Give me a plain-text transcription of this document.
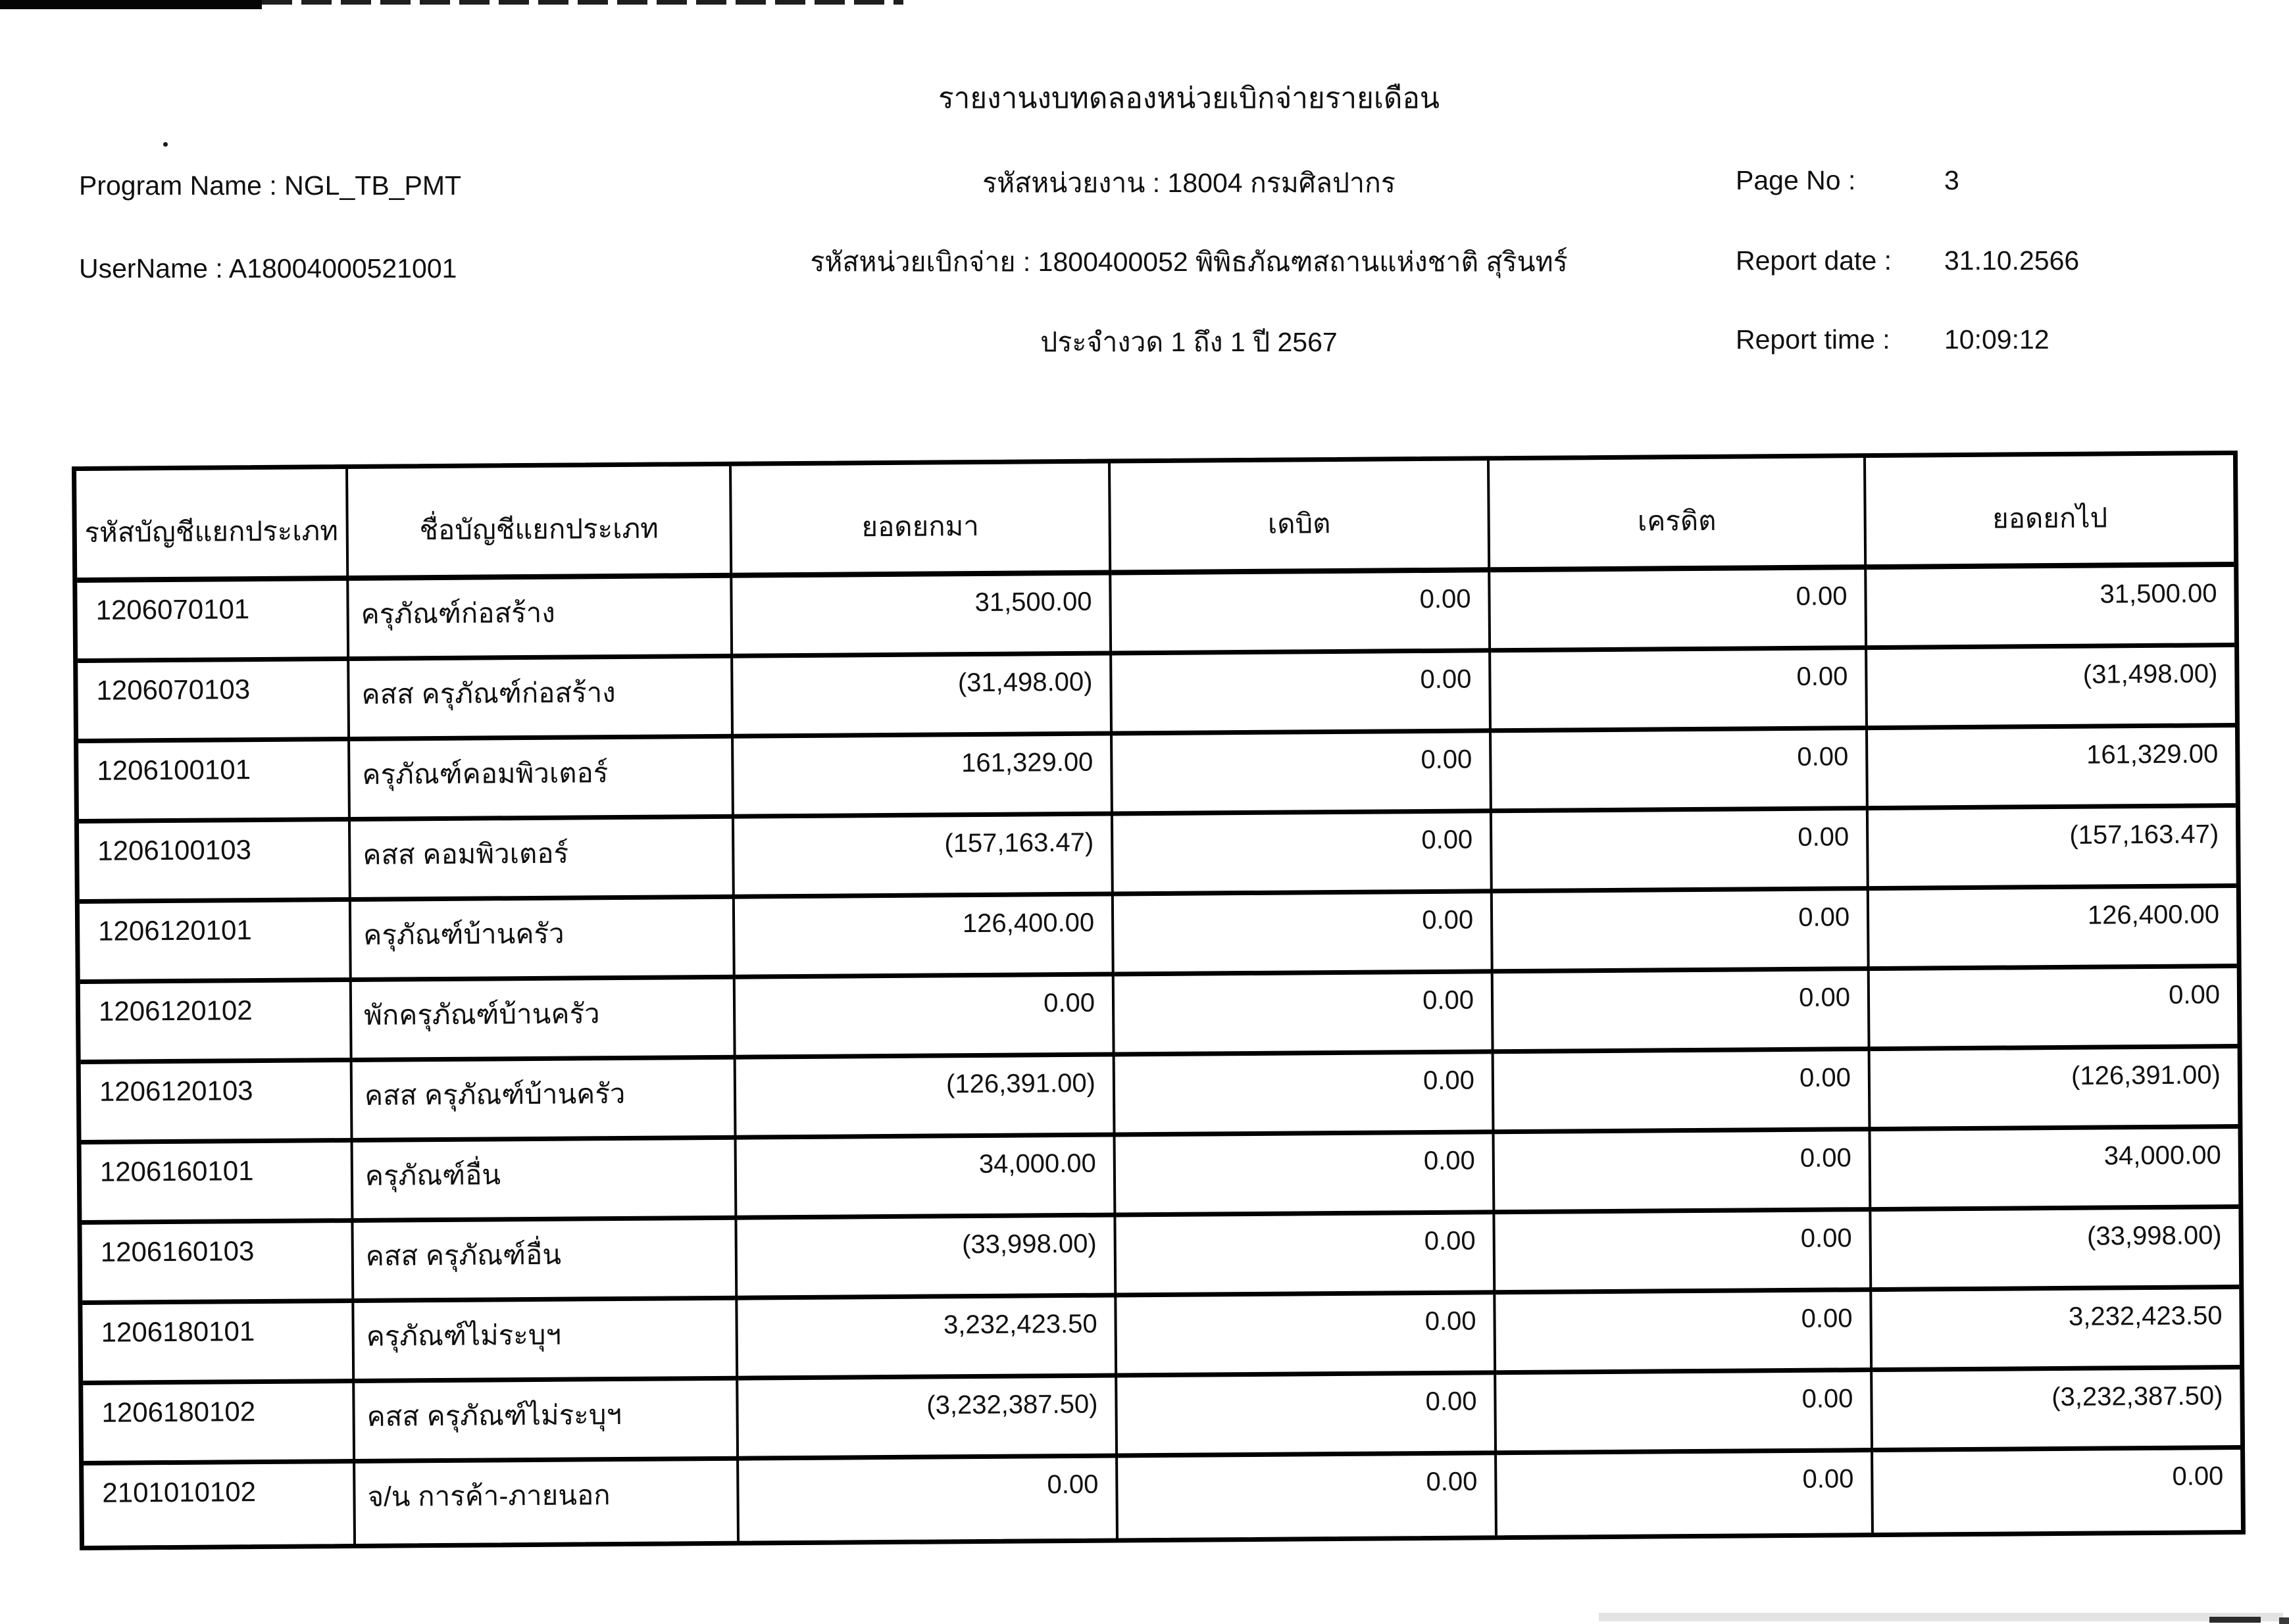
รายงานงบทดลองหน่วยเบิกจ่ายรายเดือน
Program Name : NGL_TB_PMT
UserName : A18004000521001
รหัสหน่วยงาน : 18004 กรมศิลปากร
รหัสหน่วยเบิกจ่าย : 1800400052 พิพิธภัณฑสถานแห่งชาติ สุรินทร์
ประจำงวด 1 ถึง 1 ปี 2567
Page No :	3
Report date : 31.10.2566
Report time : 10:09:12
รหัสบัญชีแยกประเภท	ชื่อบัญชีแยกประเภท	ยอดยกมา	เดบิต	เครดิต	ยอดยกไป
1206070101	ครุภัณฑ์ก่อสร้าง	31,500.00	0.00	0.00	31,500.00
1206070103	คสส ครุภัณฑ์ก่อสร้าง	(31,498.00)	0.00	0.00	(31,498.00)
1206100101	ครุภัณฑ์คอมพิวเตอร์	161,329.00	0.00	0.00	161,329.00
1206100103	คสส คอมพิวเตอร์	(157,163.47)	0.00	0.00	(157,163.47)
1206120101	ครุภัณฑ์บ้านครัว	126,400.00	0.00	0.00	126,400.00
1206120102	พักครุภัณฑ์บ้านครัว	0.00	0.00	0.00	0.00
1206120103	คสส ครุภัณฑ์บ้านครัว	(126,391.00)	0.00	0.00	(126,391.00)
1206160101	ครุภัณฑ์อื่น	34,000.00	0.00	0.00	34,000.00
1206160103	คสส ครุภัณฑ์อื่น	(33,998.00)	0.00	0.00	(33,998.00)
1206180101	ครุภัณฑ์ไม่ระบุฯ	3,232,423.50	0.00	0.00	3,232,423.50
1206180102	คสส ครุภัณฑ์ไม่ระบุฯ	(3,232,387.50)	0.00	0.00	(3,232,387.50)
2101010102	จ/น การค้า-ภายนอก	0.00	0.00	0.00	0.00
